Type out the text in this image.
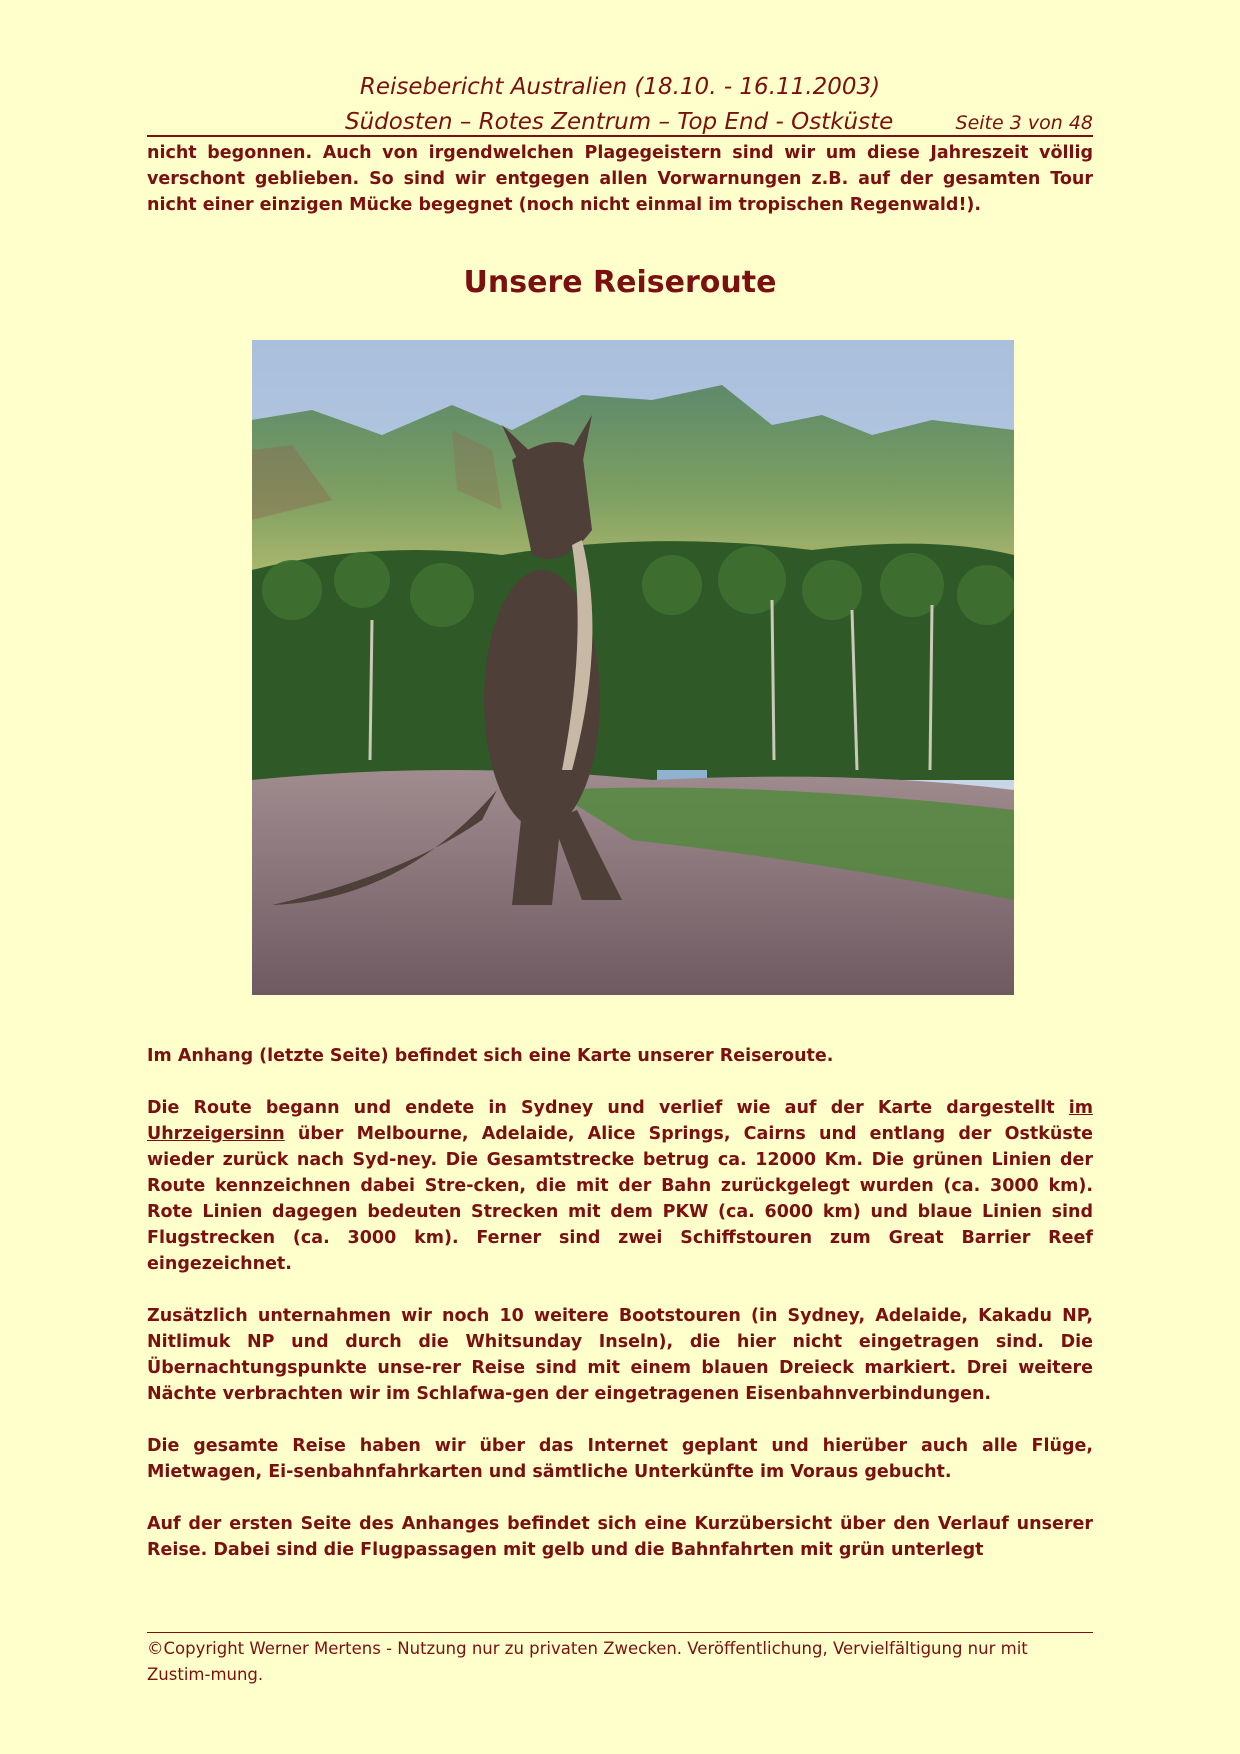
Reisebericht Australien (18.10. - 16.11.2003)
Südosten – Rotes Zentrum – Top End - Ostküste	Seite 3 von 48

nicht begonnen. Auch von irgendwelchen Plagegeistern sind wir um diese Jahreszeit völlig verschont geblieben. So sind wir entgegen allen Vorwarnungen z.B. auf der gesamten Tour nicht einer einzigen Mücke begegnet (noch nicht einmal im tropischen Regenwald!).

Unsere Reiseroute

Im Anhang (letzte Seite) befindet sich eine Karte unserer Reiseroute.

Die Route begann und endete in Sydney und verlief wie auf der Karte dargestellt im Uhrzeigersinn über Melbourne, Adelaide, Alice Springs, Cairns und entlang der Ostküste wieder zurück nach Syd-ney. Die Gesamtstrecke betrug ca. 12000 Km. Die grünen Linien der Route kennzeichnen dabei Stre-cken, die mit der Bahn zurückgelegt wurden (ca. 3000 km). Rote Linien dagegen bedeuten Strecken mit dem PKW (ca. 6000 km) und blaue Linien sind Flugstrecken (ca. 3000 km). Ferner sind zwei Schiffstouren zum Great Barrier Reef eingezeichnet.

Zusätzlich unternahmen wir noch 10 weitere Bootstouren (in Sydney, Adelaide, Kakadu NP, Nitlimuk NP und durch die Whitsunday Inseln), die hier nicht eingetragen sind. Die Übernachtungspunkte unse-rer Reise sind mit einem blauen Dreieck markiert. Drei weitere Nächte verbrachten wir im Schlafwa-gen der eingetragenen Eisenbahnverbindungen.

Die gesamte Reise haben wir über das Internet geplant und hierüber auch alle Flüge, Mietwagen, Ei-senbahnfahrkarten und sämtliche Unterkünfte im Voraus gebucht.

Auf der ersten Seite des Anhanges befindet sich eine Kurzübersicht über den Verlauf unserer Reise. Dabei sind die Flugpassagen mit gelb und die Bahnfahrten mit grün unterlegt

©Copyright Werner Mertens - Nutzung nur zu privaten Zwecken. Veröffentlichung, Vervielfältigung nur mit Zustim-mung.
